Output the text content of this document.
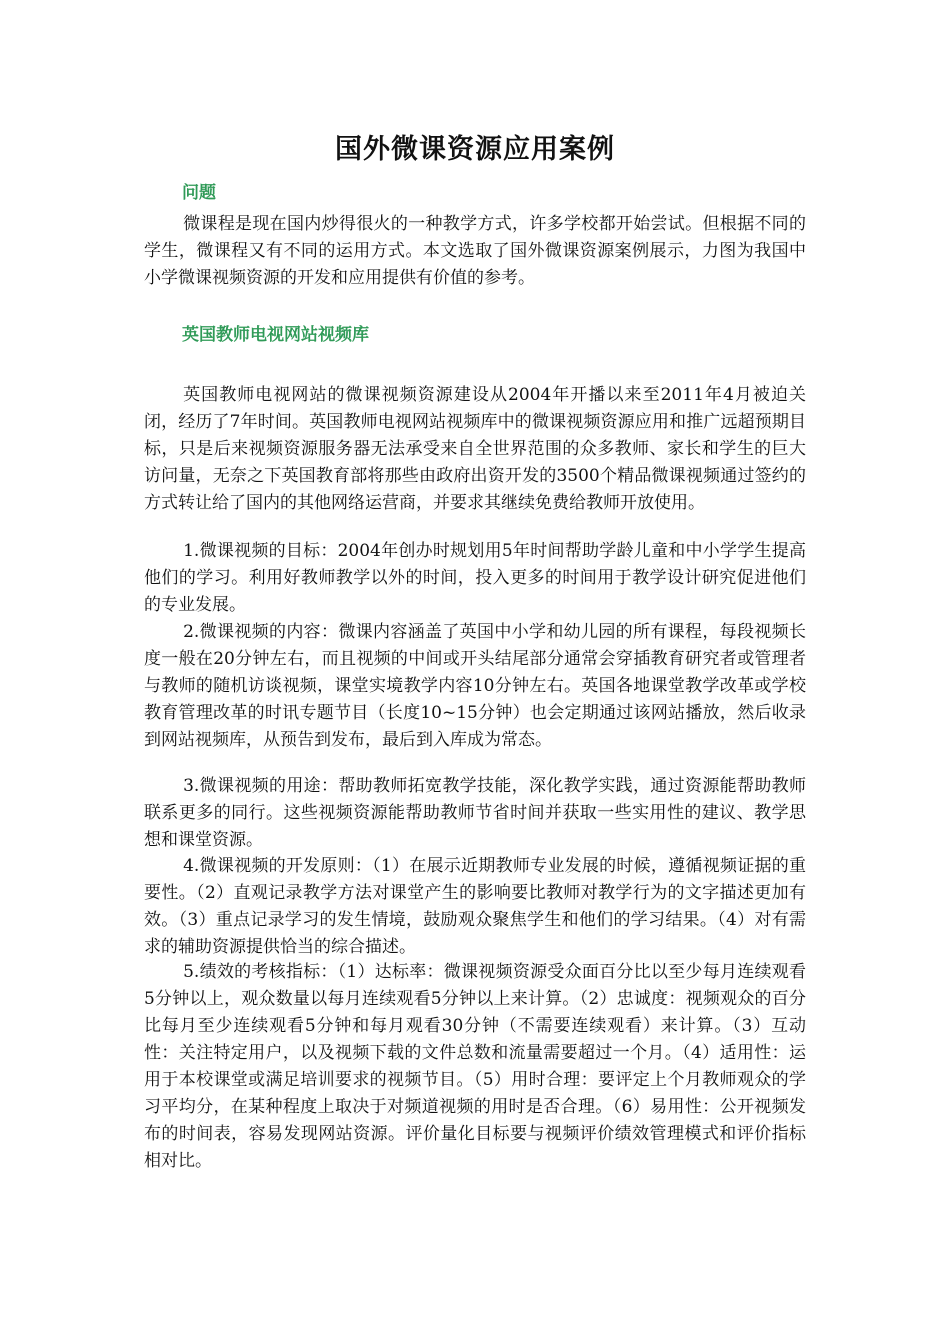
国外微课资源应用案例
问题

微课程是现在国内炒得很火的一种教学方式，许多学校都开始尝试。但根据不同的学生，微课程又有不同的运用方式。本文选取了国外微课资源案例展示，力图为我国中小学微课视频资源的开发和应用提供有价值的参考。

英国教师电视网站视频库

英国教师电视网站的微课视频资源建设从2004年开播以来至2011年4月被迫关闭，经历了7年时间。英国教师电视网站视频库中的微课视频资源应用和推广远超预期目标，只是后来视频资源服务器无法承受来自全世界范围的众多教师、家长和学生的巨大访问量，无奈之下英国教育部将那些由政府出资开发的3500个精品微课视频通过签约的方式转让给了国内的其他网络运营商，并要求其继续免费给教师开放使用。

1.微课视频的目标：2004年创办时规划用5年时间帮助学龄儿童和中小学学生提高他们的学习。利用好教师教学以外的时间，投入更多的时间用于教学设计研究促进他们的专业发展。

2.微课视频的内容：微课内容涵盖了英国中小学和幼儿园的所有课程，每段视频长度一般在20分钟左右，而且视频的中间或开头结尾部分通常会穿插教育研究者或管理者与教师的随机访谈视频，课堂实境教学内容10分钟左右。英国各地课堂教学改革或学校教育管理改革的时讯专题节目（长度10~15分钟）也会定期通过该网站播放，然后收录到网站视频库，从预告到发布，最后到入库成为常态。

3.微课视频的用途：帮助教师拓宽教学技能，深化教学实践，通过资源能帮助教师联系更多的同行。这些视频资源能帮助教师节省时间并获取一些实用性的建议、教学思想和课堂资源。

4.微课视频的开发原则：（1）在展示近期教师专业发展的时候，遵循视频证据的重要性。（2）直观记录教学方法对课堂产生的影响要比教师对教学行为的文字描述更加有效。（3）重点记录学习的发生情境，鼓励观众聚焦学生和他们的学习结果。（4）对有需求的辅助资源提供恰当的综合描述。

5.绩效的考核指标：（1）达标率：微课视频资源受众面百分比以至少每月连续观看5分钟以上，观众数量以每月连续观看5分钟以上来计算。（2）忠诚度：视频观众的百分比每月至少连续观看5分钟和每月观看30分钟（不需要连续观看）来计算。（3）互动性：关注特定用户，以及视频下载的文件总数和流量需要超过一个月。（4）适用性：运用于本校课堂或满足培训要求的视频节目。（5）用时合理：要评定上个月教师观众的学习平均分，在某种程度上取决于对频道视频的用时是否合理。（6）易用性：公开视频发布的时间表，容易发现网站资源。评价量化目标要与视频评价绩效管理模式和评价指标相对比。
